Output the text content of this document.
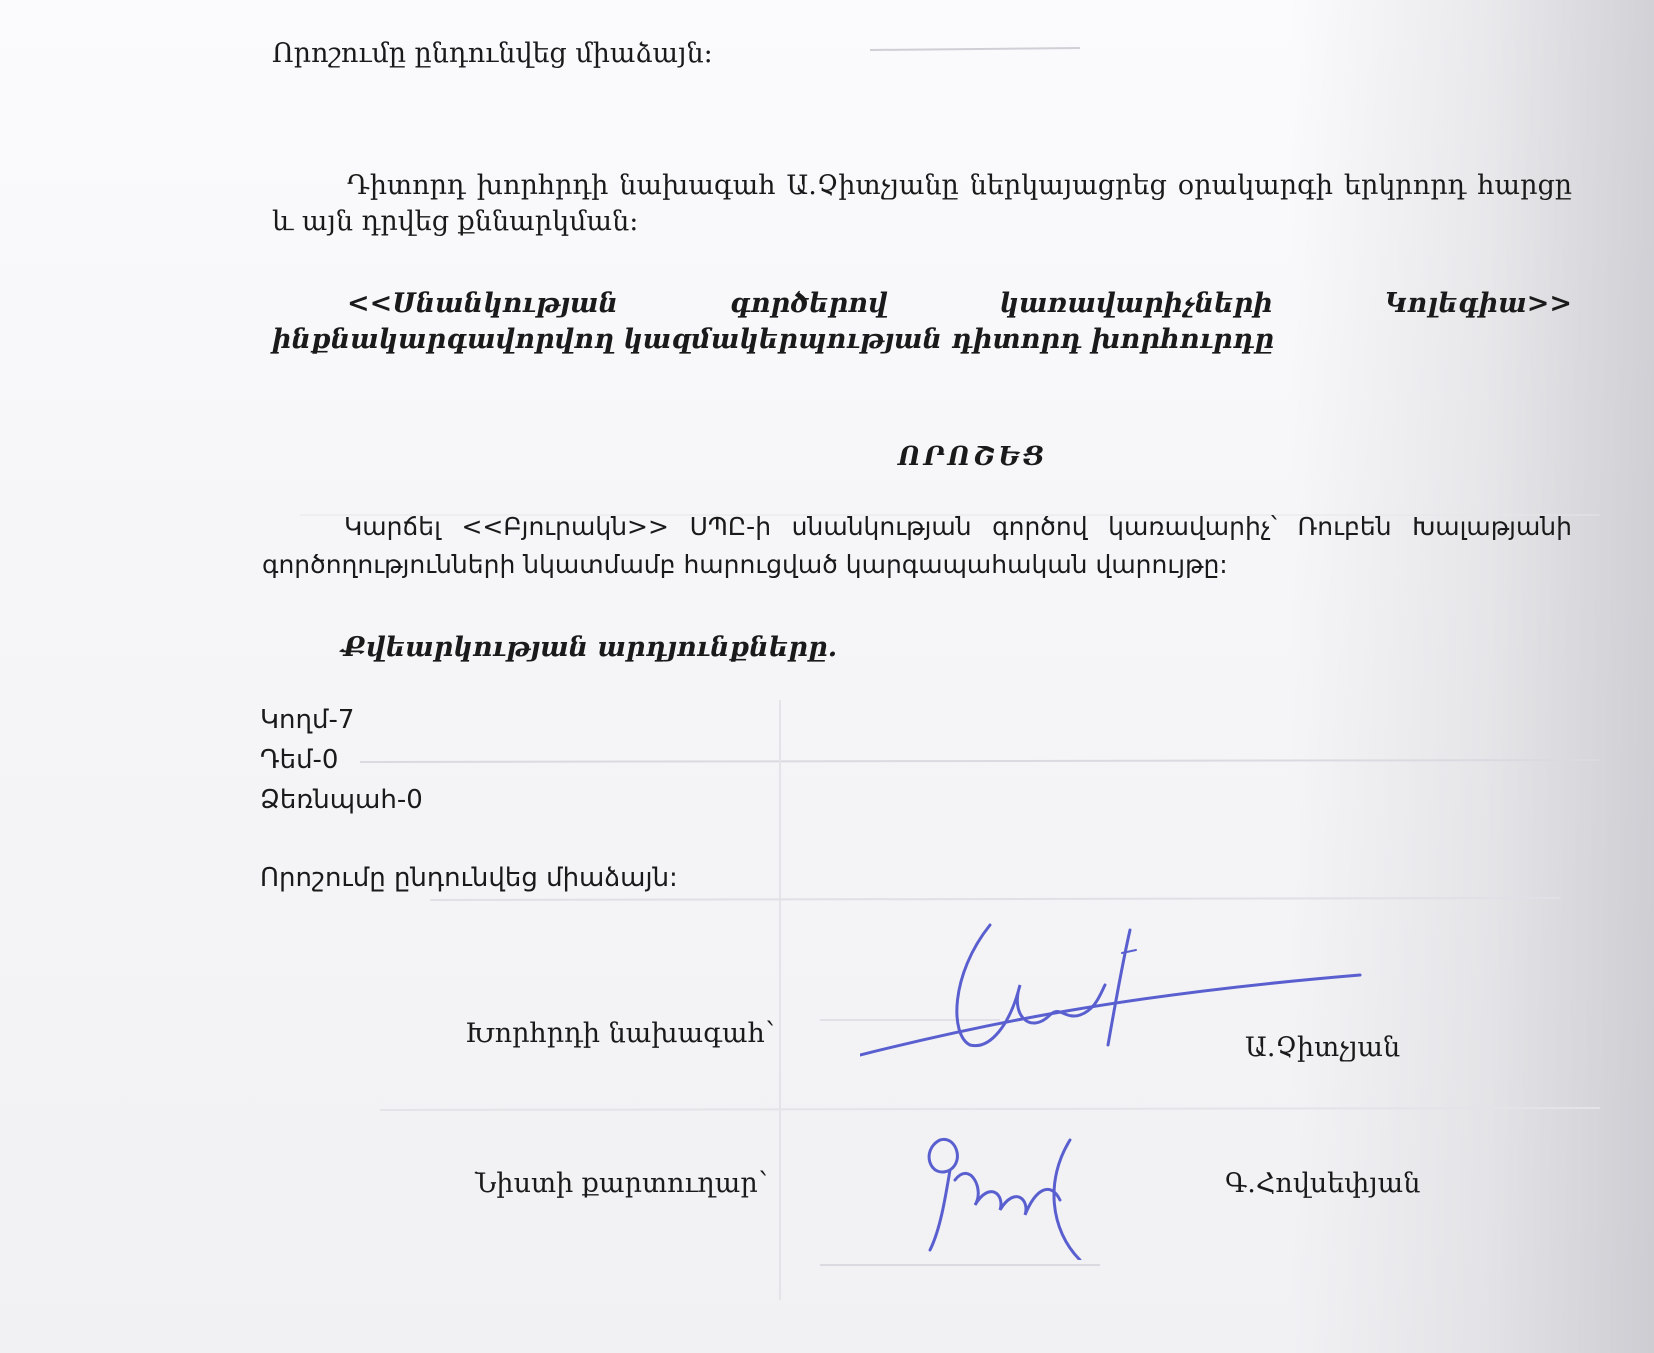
Որոշումը ընդունվեց միաձայն:
Դիտորդ խորհրդի նախագահ Ա.Չիտչյանը ներկայացրեց օրակարգի երկրորդ հարցը և այն դրվեց քննարկման:
<<Սնանկության գործերով կառավարիչների Կոլեգիա>> ինքնակարգավորվող կազմակերպության դիտորդ խորհուրդը
ՈՐՈՇԵՑ
Կարճել <<Բյուրակն>> ՍՊԸ-ի սնանկության գործով կառավարիչ՝ Ռուբեն Խալաթյանի գործողությունների նկատմամբ հարուցված կարգապահական վարույթը:
Քվեարկության արդյունքները.
Կողմ-7
Դեմ-0
Ձեռնպահ-0
Որոշումը ընդունվեց միաձայն:
Խորհրդի նախագահ՝	Ա.Չիտչյան
Նիստի քարտուղար՝	Գ.Հովսեփյան
